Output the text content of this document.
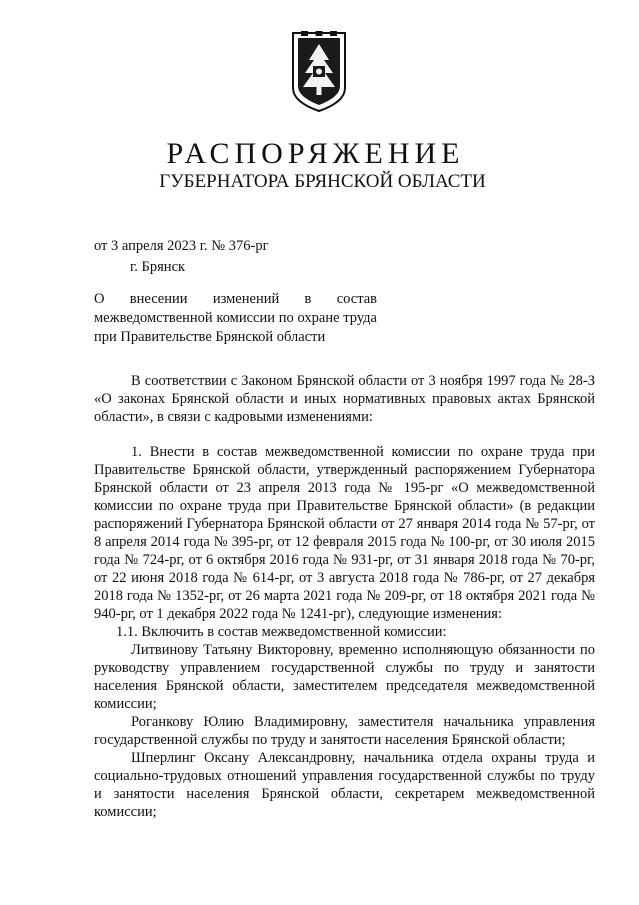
РАСПОРЯЖЕНИЕ
ГУБЕРНАТОРА БРЯНСКОЙ ОБЛАСТИ
от 3 апреля 2023 г. № 376-рг
г. Брянск
О внесении изменений в состав межведомственной комиссии по охране труда при Правительстве Брянской области

В соответствии с Законом Брянской области от 3 ноября 1997 года № 28-З «О законах Брянской области и иных нормативных правовых актах Брянской области», в связи с кадровыми изменениями:

1. Внести в состав межведомственной комиссии по охране труда при Правительстве Брянской области, утвержденный распоряжением Губернатора Брянской области от 23 апреля 2013 года № 195-рг «О межведомственной комиссии по охране труда при Правительстве Брянской области» (в редакции распоряжений Губернатора Брянской области от 27 января 2014 года № 57-рг, от 8 апреля 2014 года № 395-рг, от 12 февраля 2015 года № 100-рг, от 30 июля 2015 года № 724-рг, от 6 октября 2016 года № 931-рг, от 31 января 2018 года № 70-рг, от 22 июня 2018 года № 614-рг, от 3 августа 2018 года № 786-рг, от 27 декабря 2018 года № 1352-рг, от 26 марта 2021 года № 209-рг, от 18 октября 2021 года № 940-рг, от 1 декабря 2022 года № 1241-рг), следующие изменения:

1.1. Включить в состав межведомственной комиссии:

Литвинову Татьяну Викторовну, временно исполняющую обязанности по руководству управлением государственной службы по труду и занятости населения Брянской области, заместителем председателя межведомственной комиссии;

Роганкову Юлию Владимировну, заместителя начальника управления государственной службы по труду и занятости населения Брянской области;

Шперлинг Оксану Александровну, начальника отдела охраны труда и социально-трудовых отношений управления государственной службы по труду и занятости населения Брянской области, секретарем межведомственной комиссии;
